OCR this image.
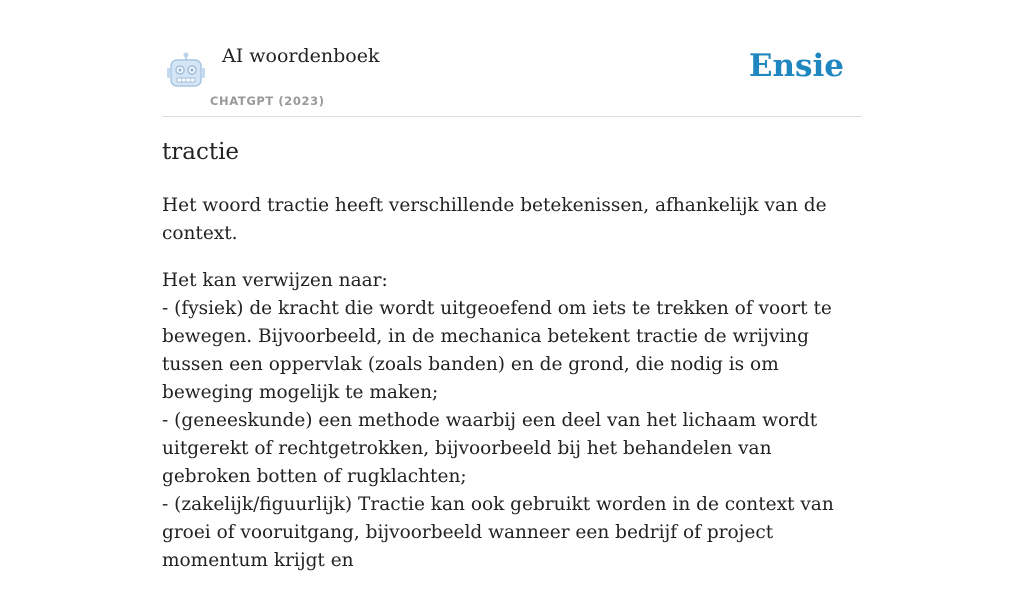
AI woordenboek
CHATGPT (2023)
Ensie
tractie

Het woord tractie heeft verschillende betekenissen, afhankelijk van de context.

Het kan verwijzen naar:
- (fysiek) de kracht die wordt uitgeoefend om iets te trekken of voort te bewegen. Bijvoorbeeld, in de mechanica betekent tractie de wrijving tussen een oppervlak (zoals banden) en de grond, die nodig is om beweging mogelijk te maken;
- (geneeskunde) een methode waarbij een deel van het lichaam wordt uitgerekt of rechtgetrokken, bijvoorbeeld bij het behandelen van gebroken botten of rugklachten;
- (zakelijk/figuurlijk) Tractie kan ook gebruikt worden in de context van groei of vooruitgang, bijvoorbeeld wanneer een bedrijf of project momentum krijgt en
